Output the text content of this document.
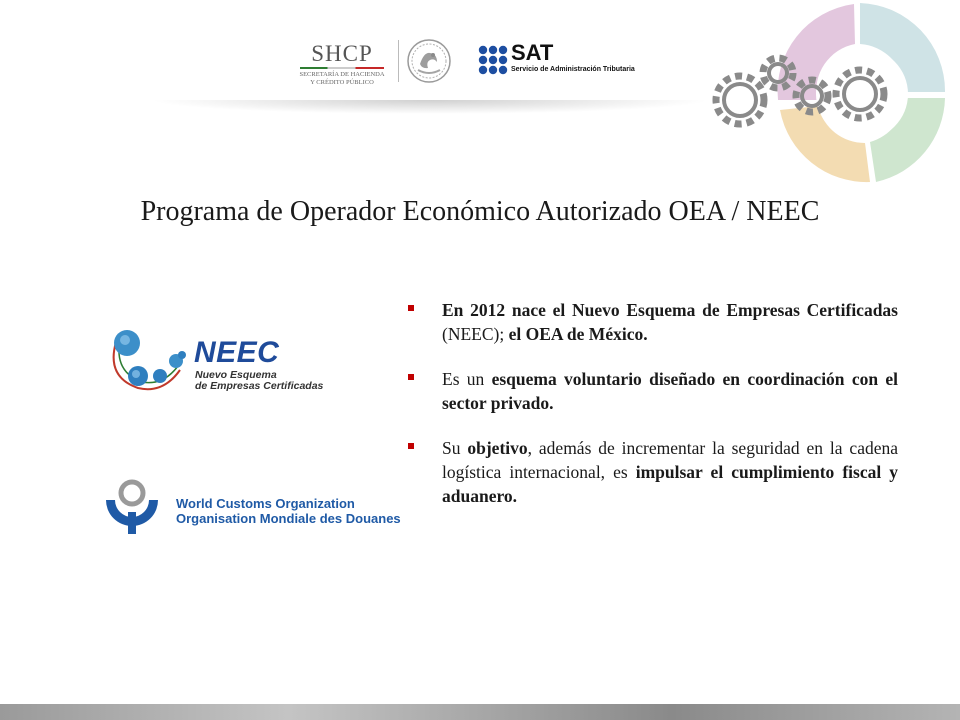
SHCP
SECRETARÍA DE HACIENDA
Y CRÉDITO PÚBLICO
SAT
Servicio de Administración Tributaria
Programa de Operador Económico Autorizado OEA / NEEC
NEEC
Nuevo Esquema
de Empresas Certificadas
World Customs Organization
Organisation Mondiale des Douanes
En 2012 nace el Nuevo Esquema de Empresas Certificadas (NEEC); el OEA de México.
Es un esquema voluntario diseñado en coordinación con el sector privado.
Su objetivo, además de incrementar la seguridad en la cadena logística internacional, es impulsar el cumplimiento fiscal y aduanero.
